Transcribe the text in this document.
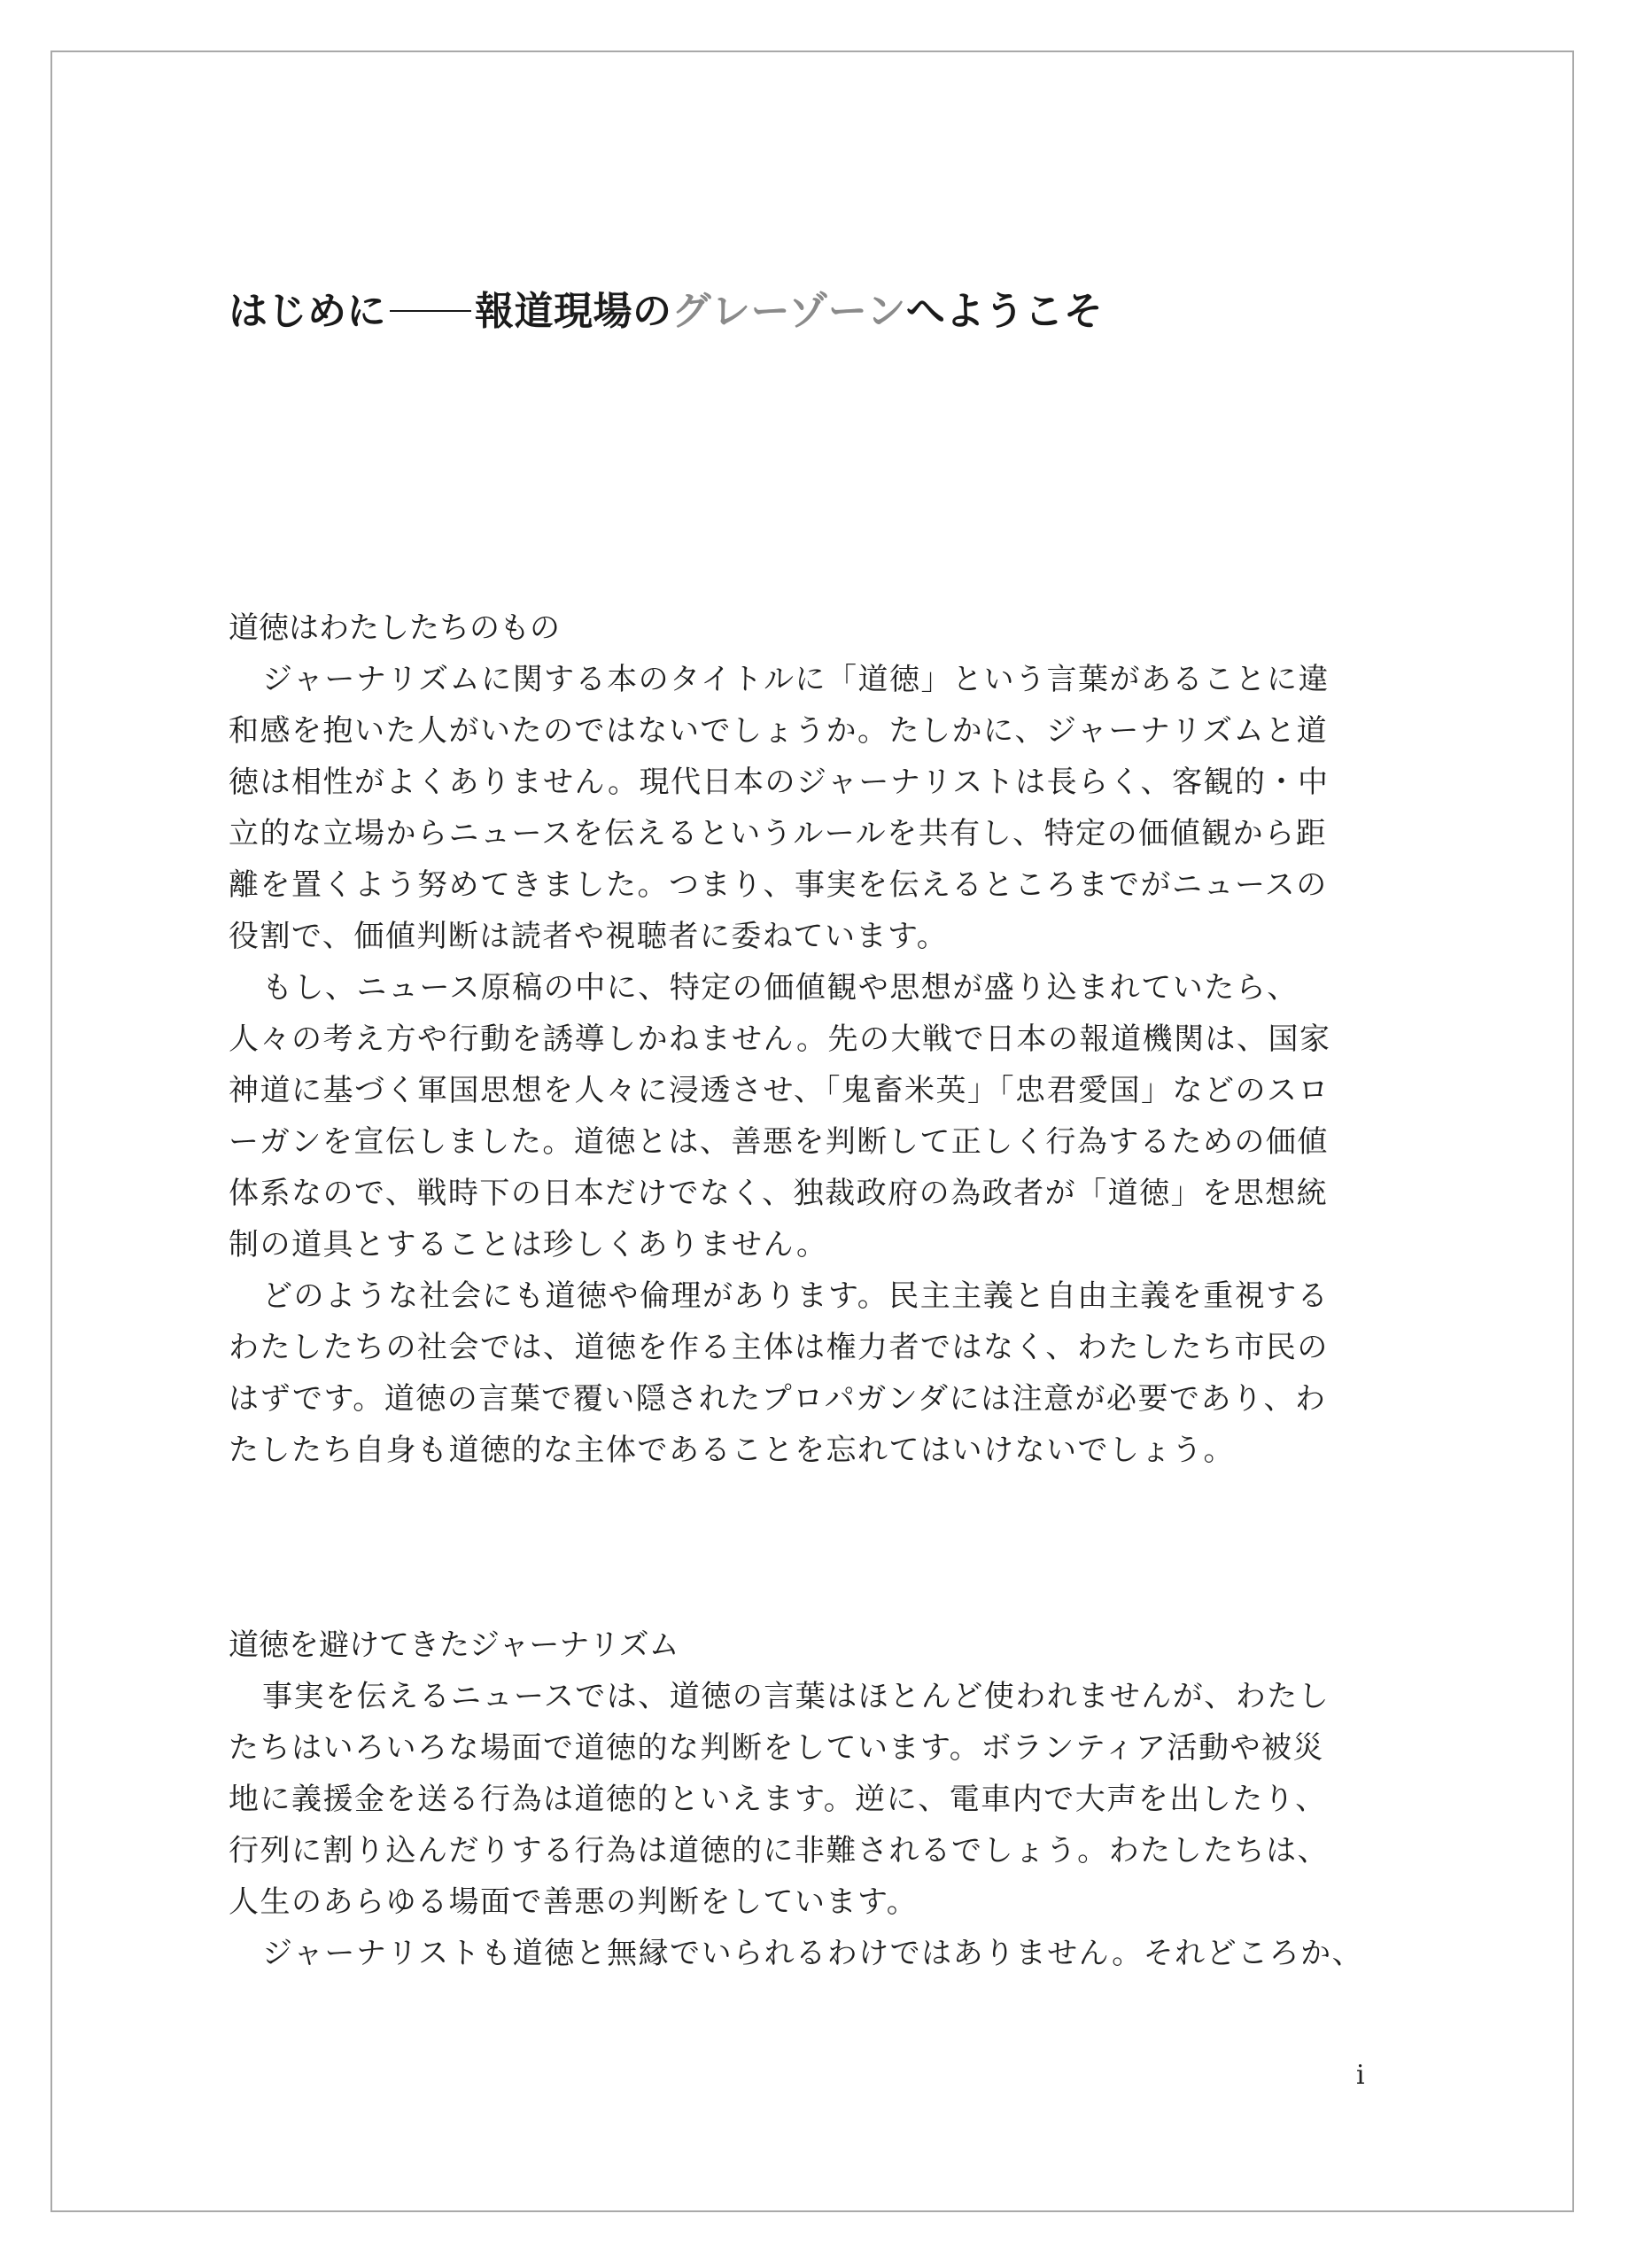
はじめに 報道現場のグレーゾーンへようこそ
道徳はわたしたちのもの
ジャーナリズムに関する本のタイトルに「道徳」という言葉があることに違
和感を抱いた人がいたのではないでしょうか。たしかに、ジャーナリズムと道
徳は相性がよくありません。現代日本のジャーナリストは長らく、客観的・中
立的な立場からニュースを伝えるというルールを共有し、特定の価値観から距
離を置くよう努めてきました。つまり、事実を伝えるところまでがニュースの
役割で、価値判断は読者や視聴者に委ねています。
もし、ニュース原稿の中に、特定の価値観や思想が盛り込まれていたら、
人々の考え方や行動を誘導しかねません。先の大戦で日本の報道機関は、国家
神道に基づく軍国思想を人々に浸透させ、「鬼畜米英」「忠君愛国」などのスロ
ーガンを宣伝しました。道徳とは、善悪を判断して正しく行為するための価値
体系なので、戦時下の日本だけでなく、独裁政府の為政者が「道徳」を思想統
制の道具とすることは珍しくありません。
どのような社会にも道徳や倫理があります。民主主義と自由主義を重視する
わたしたちの社会では、道徳を作る主体は権力者ではなく、わたしたち市民の
はずです。道徳の言葉で覆い隠されたプロパガンダには注意が必要であり、わ
たしたち自身も道徳的な主体であることを忘れてはいけないでしょう。
道徳を避けてきたジャーナリズム
事実を伝えるニュースでは、道徳の言葉はほとんど使われませんが、わたし
たちはいろいろな場面で道徳的な判断をしています。ボランティア活動や被災
地に義援金を送る行為は道徳的といえます。逆に、電車内で大声を出したり、
行列に割り込んだりする行為は道徳的に非難されるでしょう。わたしたちは、
人生のあらゆる場面で善悪の判断をしています。
ジャーナリストも道徳と無縁でいられるわけではありません。それどころか、
i
